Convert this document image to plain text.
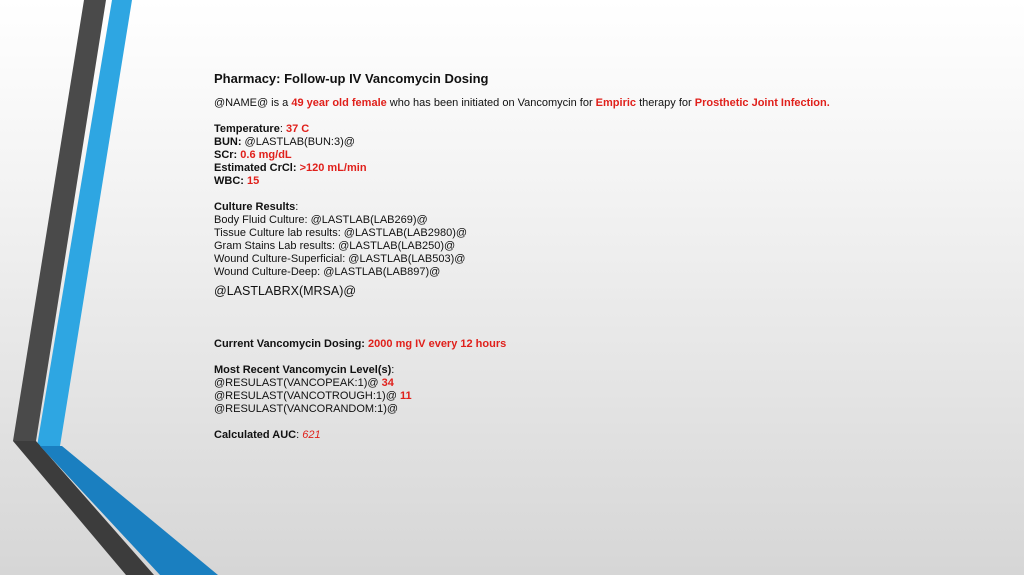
Pharmacy: Follow-up IV Vancomycin Dosing
@NAME@ is a 49 year old female who has been initiated on Vancomycin for Empiric therapy for Prosthetic Joint Infection.
Temperature: 37 C
BUN: @LASTLAB(BUN:3)@
SCr: 0.6 mg/dL
Estimated CrCl: >120 mL/min
WBC: 15
Culture Results:
Body Fluid Culture: @LASTLAB(LAB269)@
Tissue Culture lab results: @LASTLAB(LAB2980)@
Gram Stains Lab results: @LASTLAB(LAB250)@
Wound Culture-Superficial: @LASTLAB(LAB503)@
Wound Culture-Deep: @LASTLAB(LAB897)@
@LASTLABRX(MRSA)@
Current Vancomycin Dosing: 2000 mg IV every 12 hours
Most Recent Vancomycin Level(s):
@RESULAST(VANCOPEAK:1)@ 34
@RESULAST(VANCOTROUGH:1)@ 11
@RESULAST(VANCORANDOM:1)@
Calculated AUC: 621
